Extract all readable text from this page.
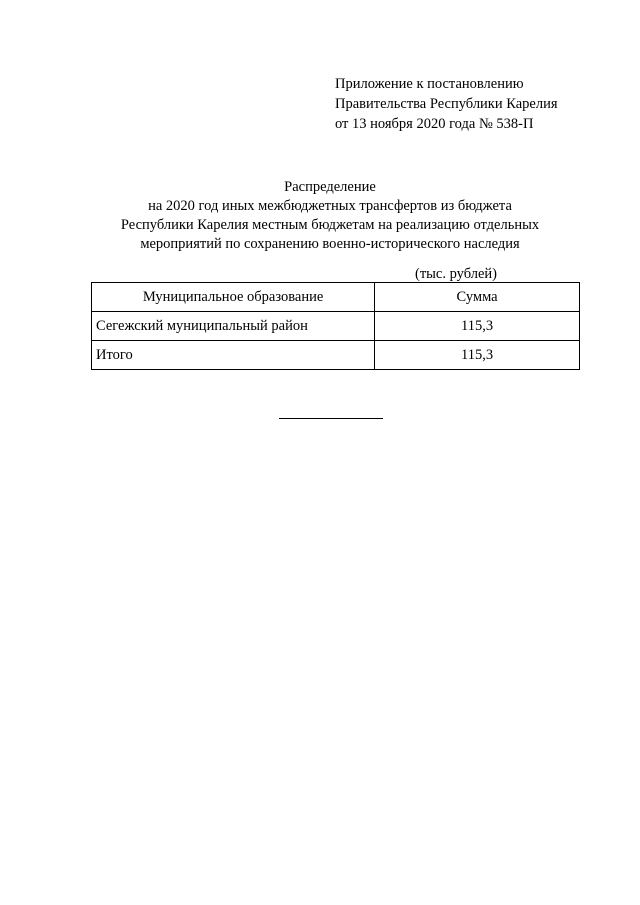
Приложение к постановлению
Правительства Республики Карелия
от 13 ноября 2020 года № 538-П
Распределение
на 2020 год иных межбюджетных трансфертов из бюджета
Республики Карелия местным бюджетам на реализацию отдельных
мероприятий по сохранению военно-исторического наследия
(тыс. рублей)
Муниципальное образование	Сумма
Сегежский муниципальный район	115,3
Итого	115,3
